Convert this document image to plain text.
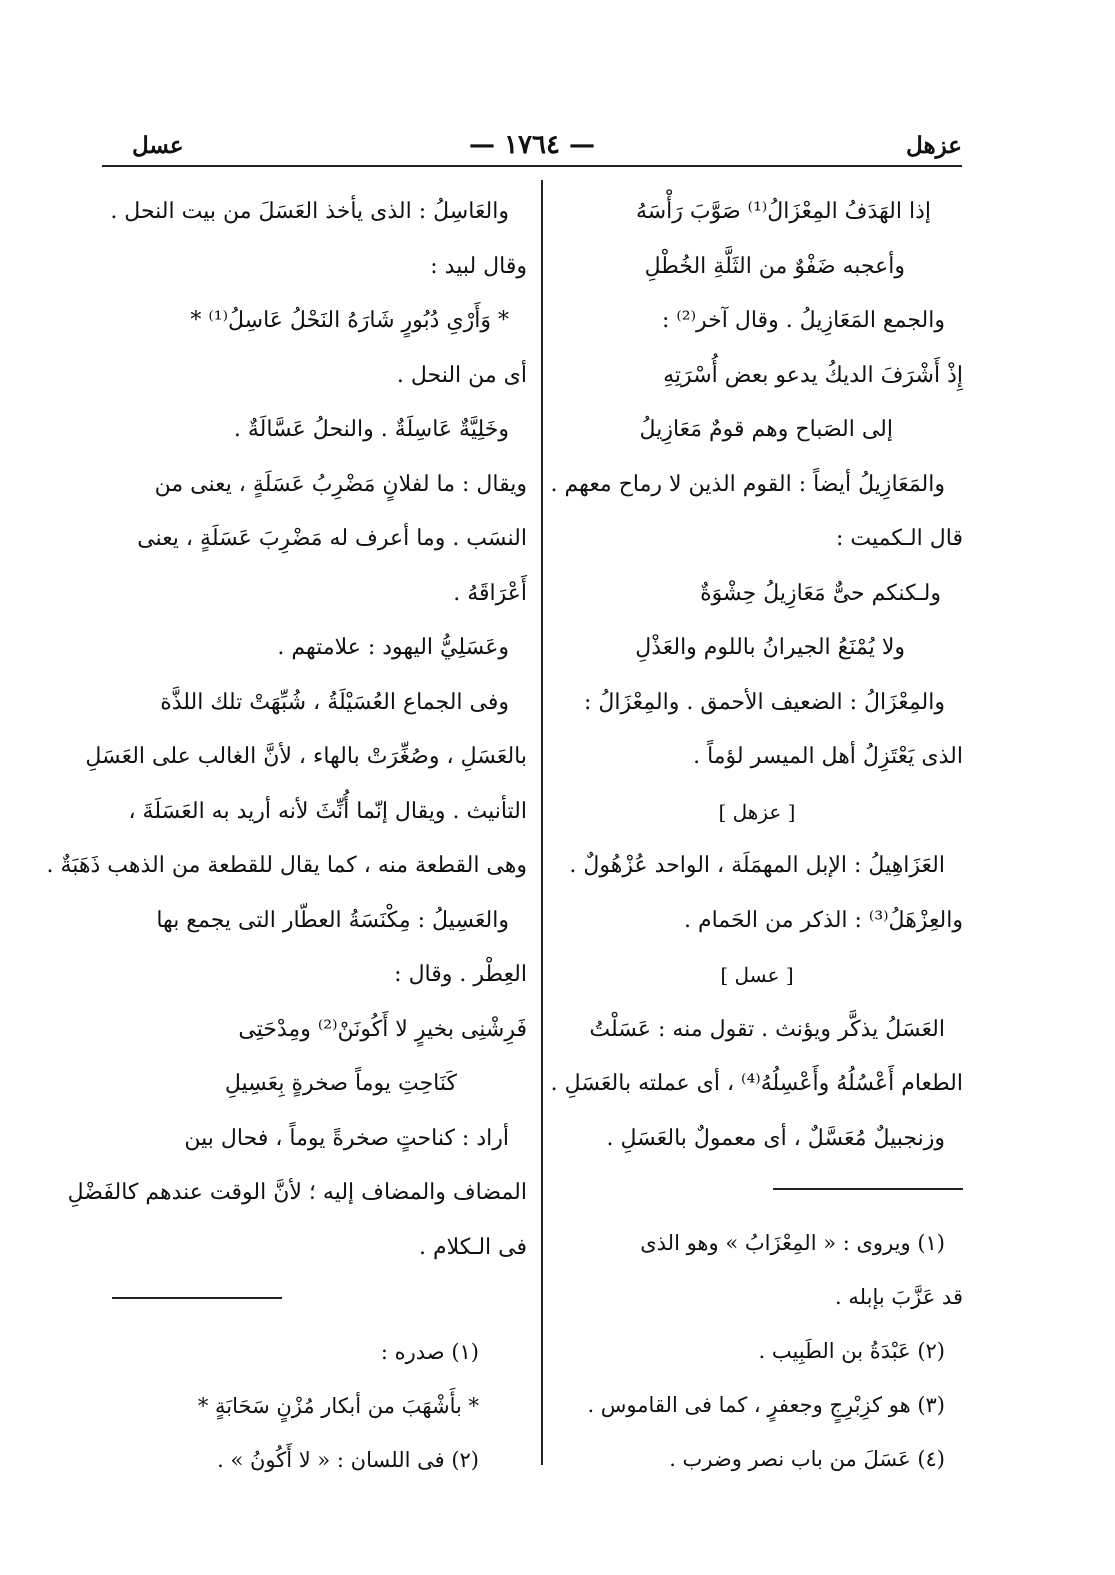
عزهل
— ١٧٦٤ —
عسل
إذا الهَدَفُ المِعْزَالُ⁽¹⁾ صَوَّبَ رَأْسَهُ
وأعجبه ضَفْوٌ من الثَلَّةِ الخُطْلِ
والجمع المَعَازِيلُ . وقال آخر⁽²⁾ :
إِذْ أَشْرَفَ الديكُ يدعو بعض أُسْرَتِهِ
إلى الصَباح وهم قومٌ مَعَازِيلُ
والمَعَازِيلُ أيضاً : القوم الذين لا رماح معهم .
قال الـكميت :
ولـكنكم حىٌّ مَعَازِيلُ حِشْوَةٌ
ولا يُمْنَعُ الجيرانُ باللوم والعَذْلِ
والمِعْزَالُ : الضعيف الأحمق . والمِعْزَالُ :
الذى يَعْتَزِلُ أهل الميسر لؤماً .
[ عزهل ]
العَزَاهِيلُ : الإبل المهمَلَة ، الواحد عُزْهُولٌ .
والعِزْهَلُ⁽³⁾ : الذكر من الحَمام .
[ عسل ]
العَسَلُ يذكَّر ويؤنث . تقول منه : عَسَلْتُ
الطعام أَعْسُلُهُ وأَعْسِلُهُ⁽⁴⁾ ، أى عملته بالعَسَلِ .
وزنجبيلٌ مُعَسَّلٌ ، أى معمولٌ بالعَسَلِ .
(١) ويروى : « المِعْزَابُ » وهو الذى
قد عَزَّبَ بإبله .
(٢) عَبْدَةُ بن الطَبِيب .
(٣) هو كزِبْرِجٍ وجعفرٍ ، كما فى القاموس .
(٤) عَسَلَ من باب نصر وضرب .
والعَاسِلُ : الذى يأخذ العَسَلَ من بيت النحل .
وقال لبيد :
* وَأَرْىِ دُبُورٍ شَارَهُ النَحْلُ عَاسِلُ⁽¹⁾ *
أى من النحل .
وخَلِيَّةٌ عَاسِلَةٌ . والنحلُ عَسَّالَةٌ .
ويقال : ما لفلانٍ مَضْرِبُ عَسَلَةٍ ، يعنى من
النسَب . وما أعرف له مَضْرِبَ عَسَلَةٍ ، يعنى
أَعْرَاقَهُ .
وعَسَلِيُّ اليهود : علامتهم .
وفى الجماع العُسَيْلَةُ ، شُبِّهَتْ تلك اللذَّة
بالعَسَلِ ، وصُغِّرَتْ بالهاء ، لأنَّ الغالب على العَسَلِ
التأنيث . ويقال إنّما أُنِّثَ لأنه أريد به العَسَلَةَ ،
وهى القطعة منه ، كما يقال للقطعة من الذهب ذَهَبَةٌ .
والعَسِيلُ : مِكْنَسَةُ العطّار التى يجمع بها
العِطْر . وقال :
فَرِشْنِى بخيرٍ لا أَكُونَنْ⁽²⁾ ومِدْحَتِى
كَنَاحِتِ يوماً صخرةٍ بِعَسِيلِ
أراد : كناحتٍ صخرةً يوماً ، فحال بين
المضاف والمضاف إليه ؛ لأنَّ الوقت عندهم كالفَضْلِ
فى الـكلام .
(١) صدره :
* بأَشْهَبَ من أبكار مُزْنٍ سَحَابَةٍ *
(٢) فى اللسان : « لا أَكُونُ » .
